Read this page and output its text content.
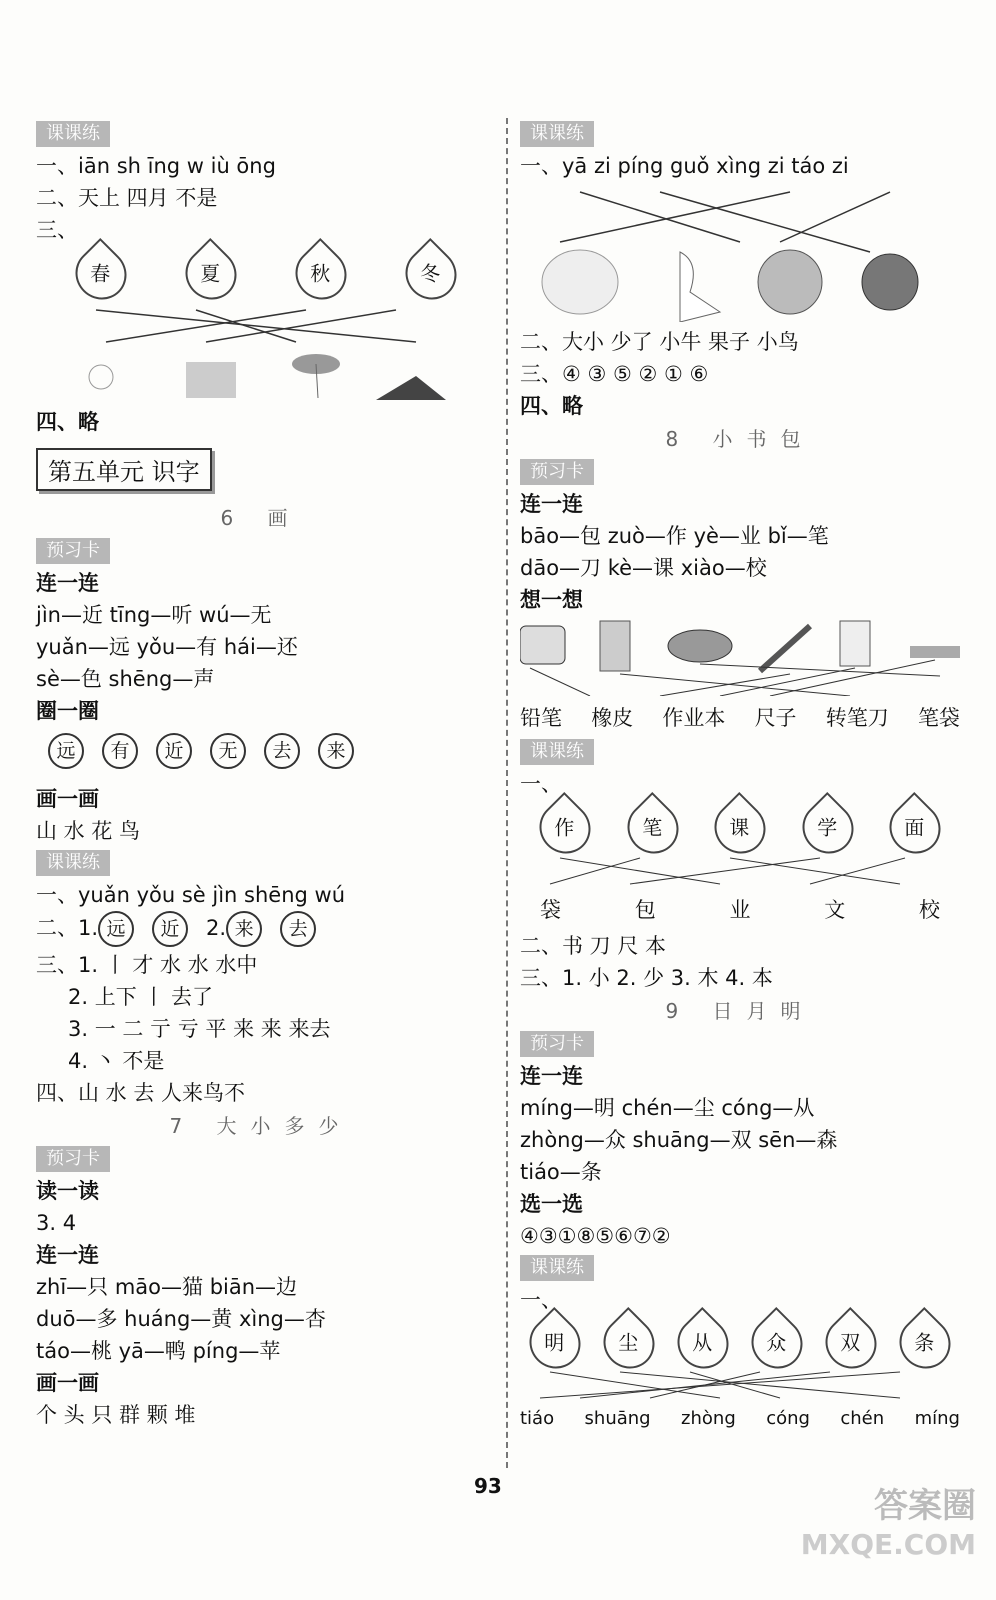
课课练
一、iān sh īng w iù ōng
二、天上 四月 不是
三、
春	夏	秋	冬
四、略
第五单元 识字
6 画
预习卡
连一连
jìn—近 tīng—听 wú—无
yuǎn—远 yǒu—有 hái—还
sè—色 shēng—声
圈一圈
远 有 近 无 去 来
画一画
山 水 花 鸟
课课练
一、yuǎn yǒu sè jìn shēng wú
二、1. 远 近 2. 来 去
三、1. 丨 才 水 水 水中
2. 上下 丨 去了
3. 一 二 亍 亏 平 来 来 来去
4. 丶 不是
四、山 水 去 人来鸟不
7 大小多少
预习卡
读一读
3. 4
连一连
zhī—只 māo—猫 biān—边
duō—多 huáng—黄 xìng—杏
táo—桃 yā—鸭 píng—苹
画一画
个 头 只 群 颗 堆
课课练
一、yā zi píng guǒ xìng zi táo zi
二、大小 少了 小牛 果子 小鸟
三、④ ③ ⑤ ② ① ⑥
四、略
8 小书包
预习卡
连一连
bāo—包 zuò—作 yè—业 bǐ—笔
dāo—刀 kè—课 xiào—校
想一想
铅笔 橡皮 作业本 尺子 转笔刀 笔袋
课课练
一、
作	笔	课	学	面
袋	包	业	文	校
二、书 刀 尺 本
三、1. 小 2. 少 3. 木 4. 本
9 日月明
预习卡
连一连
míng—明 chén—尘 cóng—从
zhòng—众 shuāng—双 sēn—森
tiáo—条
选一选
④③①⑧⑤⑥⑦②
课课练
一、
明	尘	从	众	双	条
tiáo shuāng zhòng cóng chén míng
93	答案圈
MXQE.COM
